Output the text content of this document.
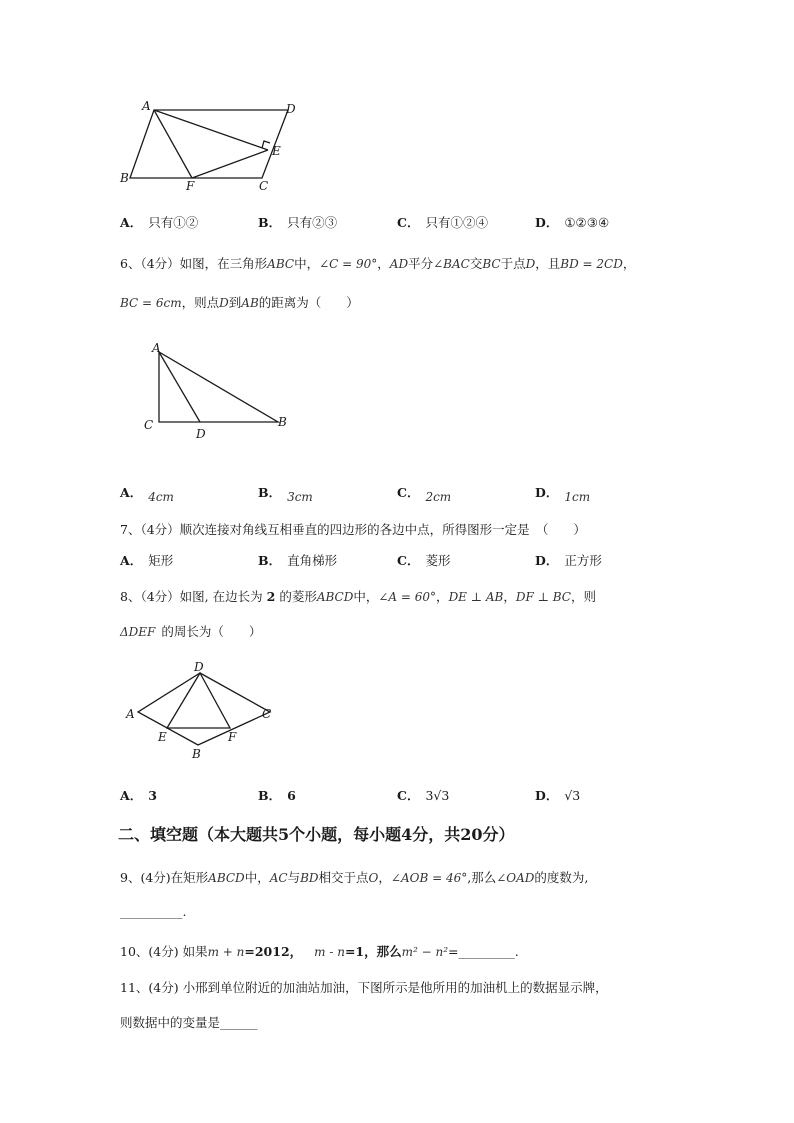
A	D
B
F	C
E
A． 只有①②	B． 只有②③	C． 只有①②④	D． ①②③④
6、（4分）如图，在三角形ABC中，∠C = 90°，AD平分∠BAC交BC于点D，且BD = 2CD，
BC = 6cm，则点D到AB的距离为（　　）
A
C
D
B
A． 4cm	B． 3cm	C． 2cm	D． 1cm
7、（4分）顺次连接对角线互相垂直的四边形的各边中点，所得图形一定是　（　　）
A． 矩形	B． 直角梯形	C． 菱形	D． 正方形
8、（4分）如图, 在边长为 2 的菱形ABCD中，∠A = 60°，DE ⊥ AB，DF ⊥ BC，则
ΔDEF 的周长为（　　）
D
A	C
E	F
B
A． 3	B． 6	C． 3√3	D． √3
二、填空题（本大题共5个小题，每小题4分，共20分）
9、(4分)在矩形ABCD中，AC与BD相交于点O，∠AOB = 46°,那么∠OAD的度数为,
__________.
10、(4分) 如果m + n=2012， m - n=1，那么m² − n²=_________.
11、(4分) 小邢到单位附近的加油站加油，下图所示是他所用的加油机上的数据显示牌，
则数据中的变量是______
